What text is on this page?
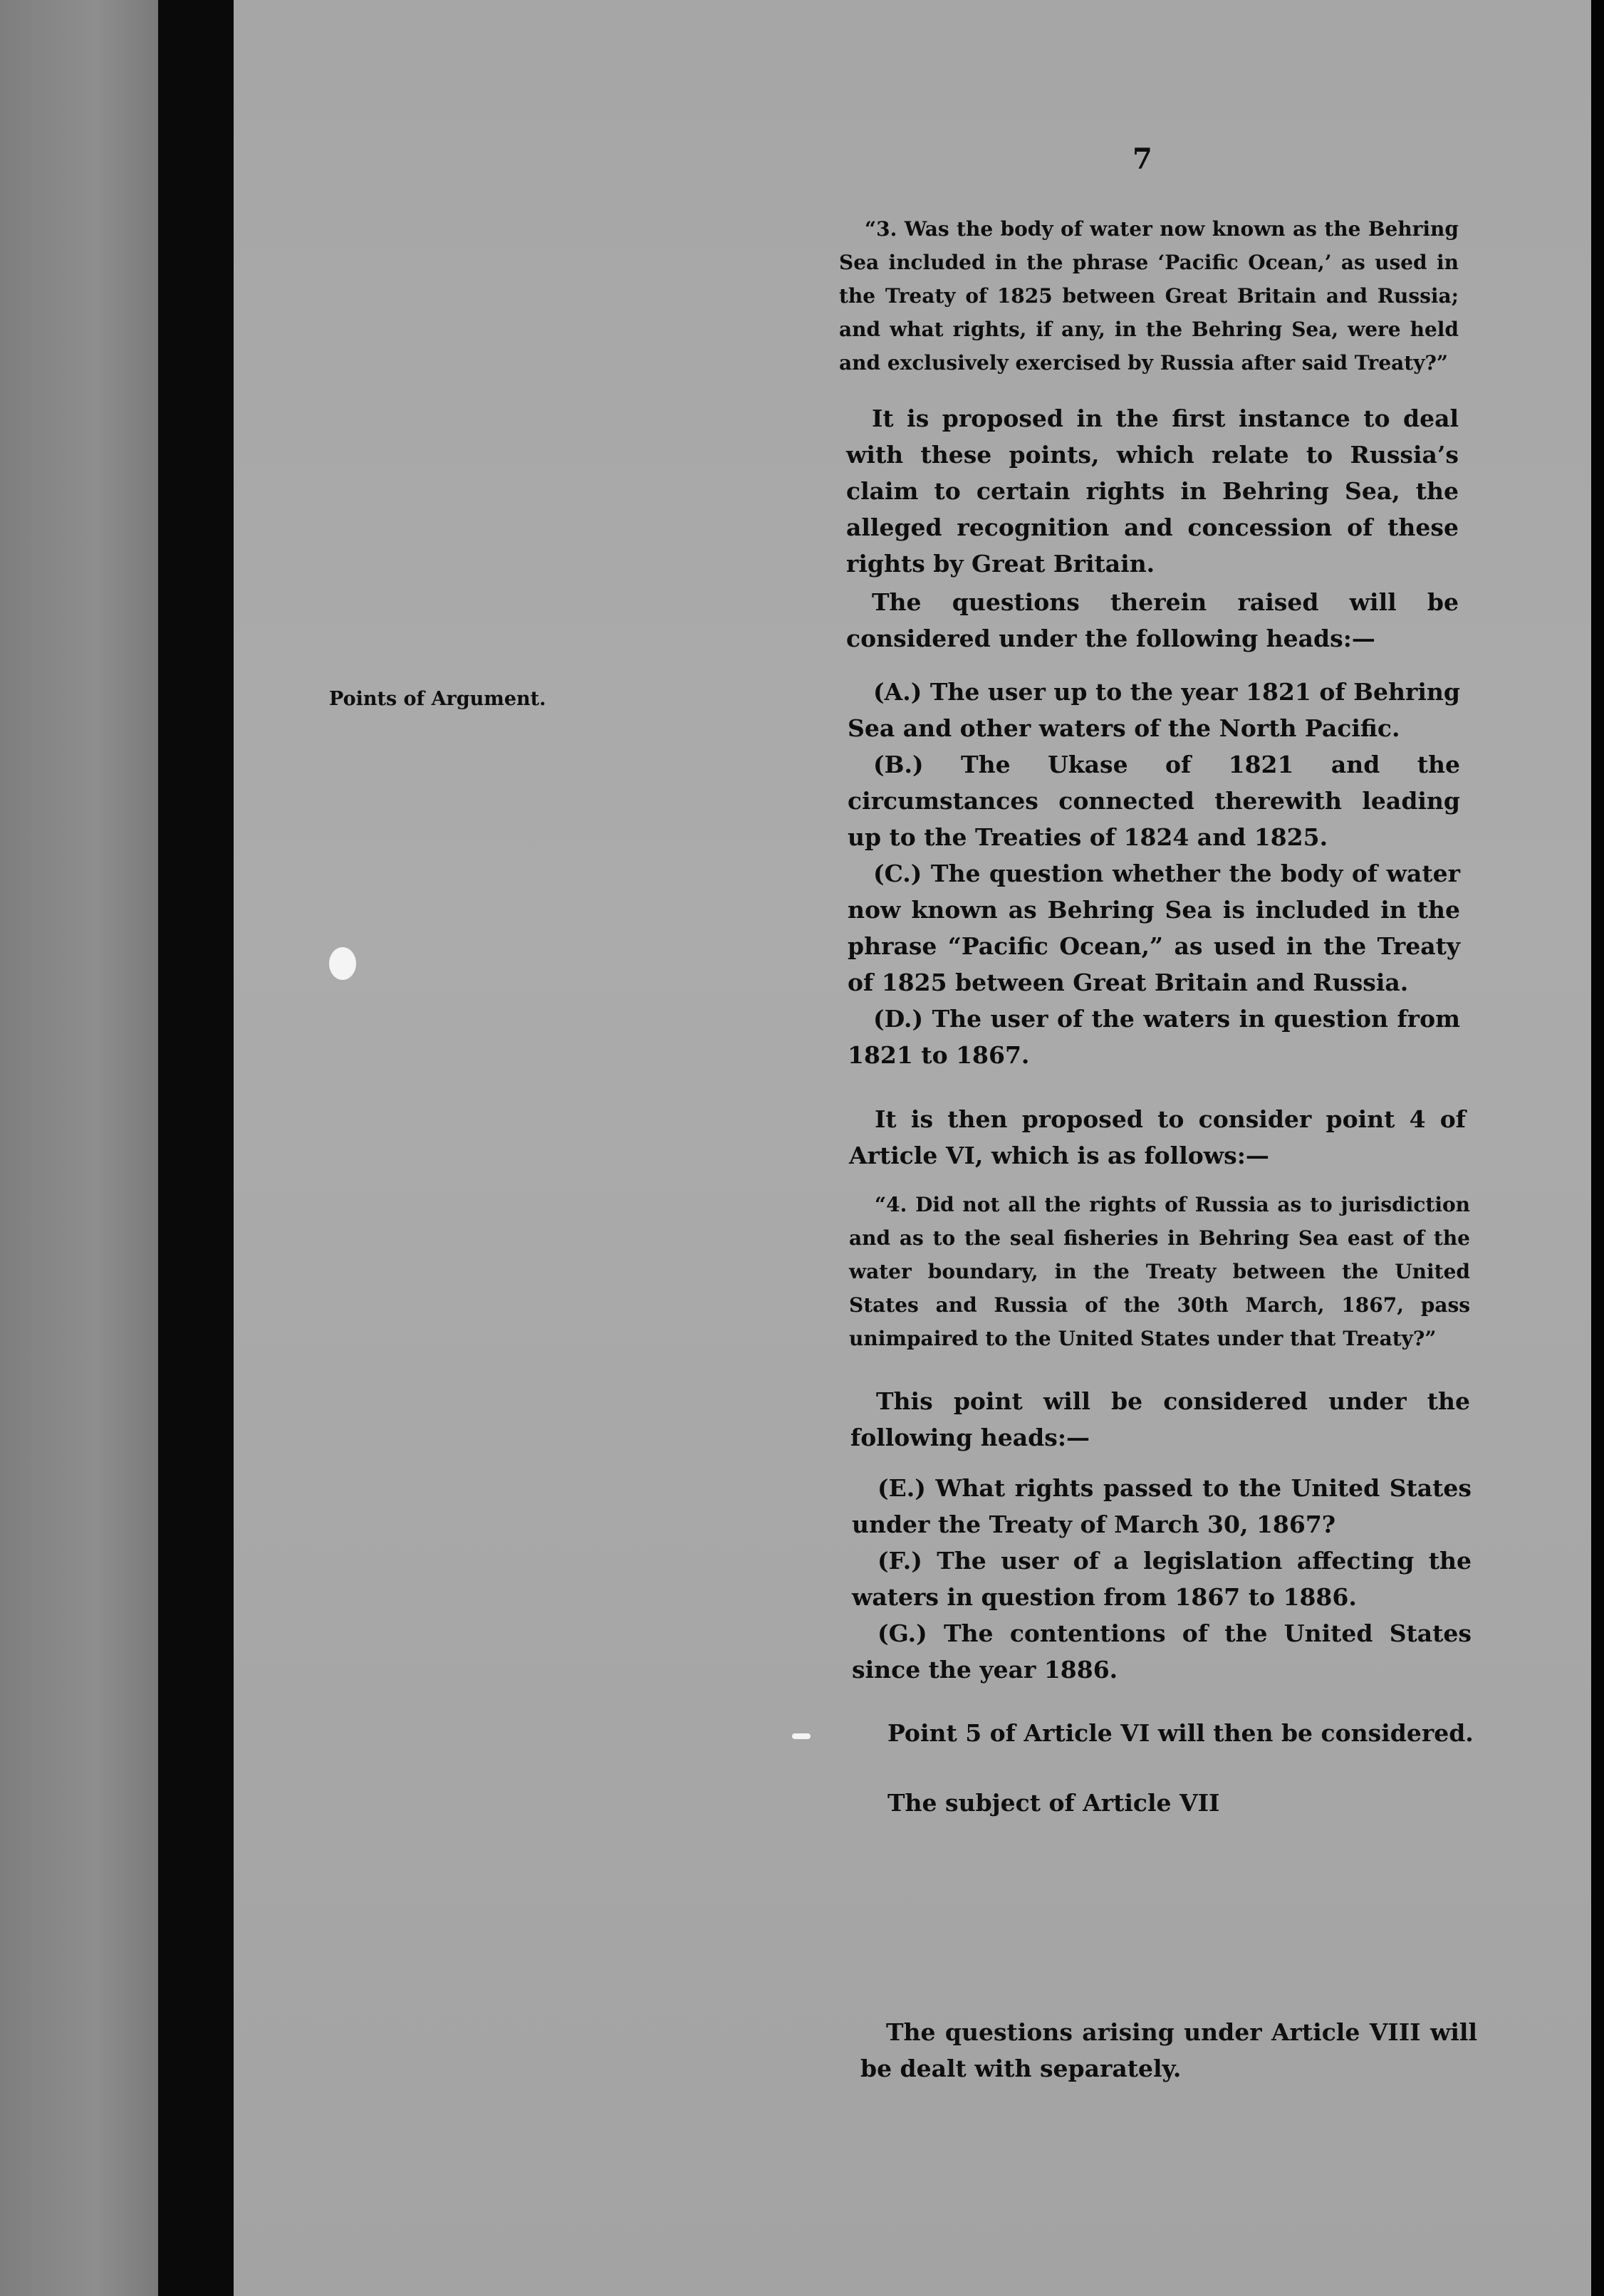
7

Points of Argument.

“3. Was the body of water now known as the Behring Sea included in the phrase ‘Pacific Ocean,’ as used in the Treaty of 1825 between Great Britain and Russia; and what rights, if any, in the Behring Sea, were held and exclusively exercised by Russia after said Treaty?”

It is proposed in the first instance to deal with these points, which relate to Russia’s claim to certain rights in Behring Sea, the alleged recognition and concession of these rights by Great Britain.

The questions therein raised will be considered under the following heads:—

(A.) The user up to the year 1821 of Behring Sea and other waters of the North Pacific.

(B.) The Ukase of 1821 and the circumstances connected therewith leading up to the Treaties of 1824 and 1825.

(C.) The question whether the body of water now known as Behring Sea is included in the phrase “Pacific Ocean,” as used in the Treaty of 1825 between Great Britain and Russia.

(D.) The user of the waters in question from 1821 to 1867.

It is then proposed to consider point 4 of Article VI, which is as follows:—

“4. Did not all the rights of Russia as to jurisdiction and as to the seal fisheries in Behring Sea east of the water boundary, in the Treaty between the United States and Russia of the 30th March, 1867, pass unimpaired to the United States under that Treaty?”

This point will be considered under the following heads:—

(E.) What rights passed to the United States under the Treaty of March 30, 1867?

(F.) The user of a legislation affecting the waters in question from 1867 to 1886.

(G.) The contentions of the United States since the year 1886.

Point 5 of Article VI will then be considered.

The subject of Article VII

The questions arising under Article VIII will be dealt with separately.
